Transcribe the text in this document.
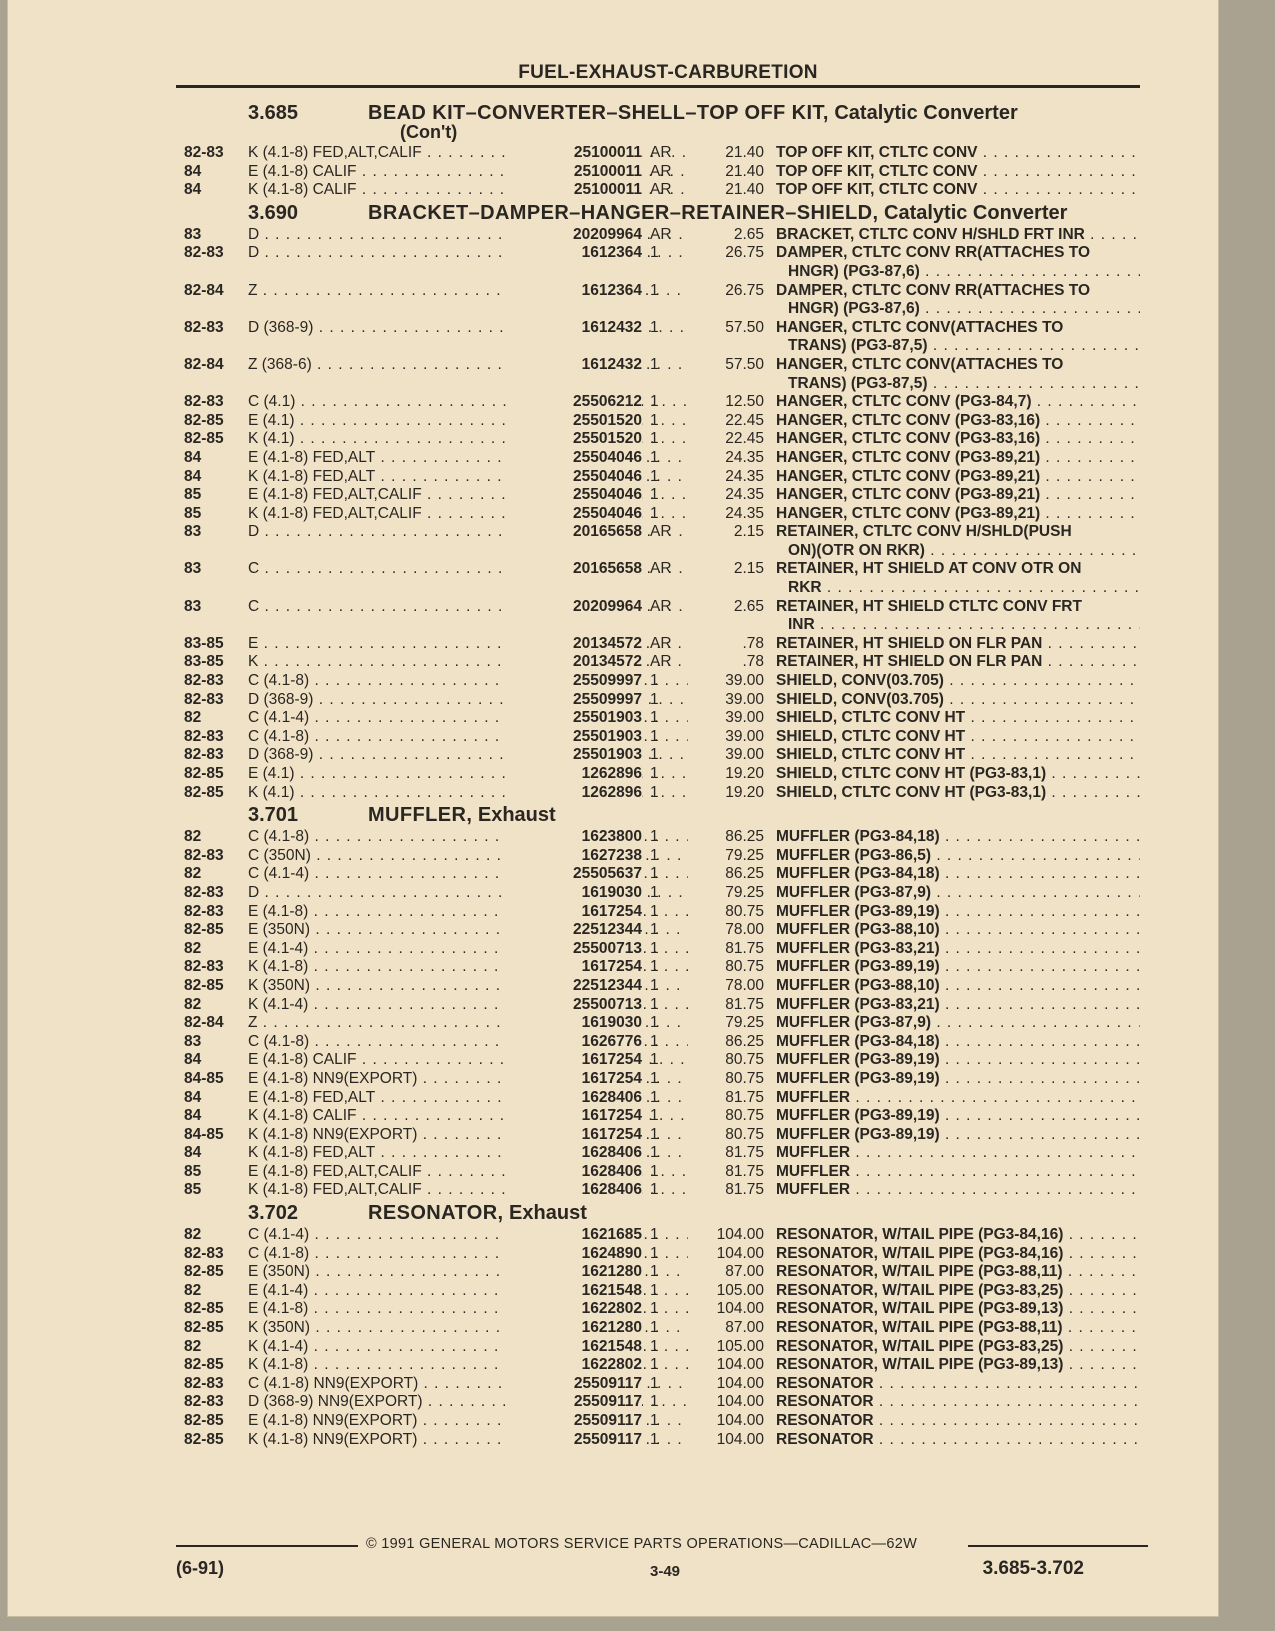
FUEL-EXHAUST-CARBURETION
3.685	BEAD KIT–CONVERTER–SHELL–TOP OFF KIT, Catalytic Converter
(Con't)
82-83	K (4.1-8) FED,ALT,CALIF . . .	25100011 AR	21.40 TOP OFF KIT, CTLTC CONV . . .
84	E (4.1-8) CALIF . . .	25100011 AR	21.40 TOP OFF KIT, CTLTC CONV . . .
84	K (4.1-8) CALIF . . .	25100011 AR	21.40 TOP OFF KIT, CTLTC CONV . . .
3.690	BRACKET–DAMPER–HANGER–RETAINER–SHIELD, Catalytic Converter
83	D . . .	20209964 AR	2.65 BRACKET, CTLTC CONV H/SHLD FRT INR . . .
82-83	D . . .	1612364 1	26.75 DAMPER, CTLTC CONV RR(ATTACHES TO
HNGR) (PG3-87,6) . . .
82-84	Z . . .	1612364 1	26.75 DAMPER, CTLTC CONV RR(ATTACHES TO
HNGR) (PG3-87,6) . . .
82-83	D (368-9) . . .	1612432 1	57.50 HANGER, CTLTC CONV(ATTACHES TO
TRANS) (PG3-87,5) . . .
82-84	Z (368-6) . . .	1612432 1	57.50 HANGER, CTLTC CONV(ATTACHES TO
TRANS) (PG3-87,5) . . .
82-83	C (4.1) . . .	25506212 1	12.50 HANGER, CTLTC CONV (PG3-84,7) . . .
82-85	E (4.1) . . .	25501520 1	22.45 HANGER, CTLTC CONV (PG3-83,16) . . .
82-85	K (4.1) . . .	25501520 1	22.45 HANGER, CTLTC CONV (PG3-83,16) . . .
84	E (4.1-8) FED,ALT . . .	25504046 1	24.35 HANGER, CTLTC CONV (PG3-89,21) . . .
84	K (4.1-8) FED,ALT . . .	25504046 1	24.35 HANGER, CTLTC CONV (PG3-89,21) . . .
85	E (4.1-8) FED,ALT,CALIF . . .	25504046 1	24.35 HANGER, CTLTC CONV (PG3-89,21) . . .
85	K (4.1-8) FED,ALT,CALIF . . .	25504046 1	24.35 HANGER, CTLTC CONV (PG3-89,21) . . .
83	D . . .	20165658 AR	2.15 RETAINER, CTLTC CONV H/SHLD(PUSH
ON)(OTR ON RKR) . . .
83	C . . .	20165658 AR	2.15 RETAINER, HT SHIELD AT CONV OTR ON
RKR . . .
83	C . . .	20209964 AR	2.65 RETAINER, HT SHIELD CTLTC CONV FRT
INR . . .
83-85	E . . .	20134572 AR	.78 RETAINER, HT SHIELD ON FLR PAN . . .
83-85	K . . .	20134572 AR	.78 RETAINER, HT SHIELD ON FLR PAN . . .
82-83	C (4.1-8) . . .	25509997 1	39.00 SHIELD, CONV(03.705) . . .
82-83	D (368-9) . . .	25509997 1	39.00 SHIELD, CONV(03.705) . . .
82	C (4.1-4) . . .	25501903 1	39.00 SHIELD, CTLTC CONV HT . . .
82-83	C (4.1-8) . . .	25501903 1	39.00 SHIELD, CTLTC CONV HT . . .
82-83	D (368-9) . . .	25501903 1	39.00 SHIELD, CTLTC CONV HT . . .
82-85	E (4.1) . . .	1262896 1	19.20 SHIELD, CTLTC CONV HT (PG3-83,1) . . .
82-85	K (4.1) . . .	1262896 1	19.20 SHIELD, CTLTC CONV HT (PG3-83,1) . . .
3.701	MUFFLER, Exhaust
82	C (4.1-8) . . .	1623800 1	86.25 MUFFLER (PG3-84,18) . . .
82-83	C (350N) . . .	1627238 1	79.25 MUFFLER (PG3-86,5) . . .
82	C (4.1-4) . . .	25505637 1	86.25 MUFFLER (PG3-84,18) . . .
82-83	D . . .	1619030 1	79.25 MUFFLER (PG3-87,9) . . .
82-83	E (4.1-8) . . .	1617254 1	80.75 MUFFLER (PG3-89,19) . . .
82-85	E (350N) . . .	22512344 1	78.00 MUFFLER (PG3-88,10) . . .
82	E (4.1-4) . . .	25500713 1	81.75 MUFFLER (PG3-83,21) . . .
82-83	K (4.1-8) . . .	1617254 1	80.75 MUFFLER (PG3-89,19) . . .
82-85	K (350N) . . .	22512344 1	78.00 MUFFLER (PG3-88,10) . . .
82	K (4.1-4) . . .	25500713 1	81.75 MUFFLER (PG3-83,21) . . .
82-84	Z . . .	1619030 1	79.25 MUFFLER (PG3-87,9) . . .
83	C (4.1-8) . . .	1626776 1	86.25 MUFFLER (PG3-84,18) . . .
84	E (4.1-8) CALIF . . .	1617254 1	80.75 MUFFLER (PG3-89,19) . . .
84-85	E (4.1-8) NN9(EXPORT) . . .	1617254 1	80.75 MUFFLER (PG3-89,19) . . .
84	E (4.1-8) FED,ALT . . .	1628406 1	81.75 MUFFLER . . .
84	K (4.1-8) CALIF . . .	1617254 1	80.75 MUFFLER (PG3-89,19) . . .
84-85	K (4.1-8) NN9(EXPORT) . . .	1617254 1	80.75 MUFFLER (PG3-89,19) . . .
84	K (4.1-8) FED,ALT . . .	1628406 1	81.75 MUFFLER . . .
85	E (4.1-8) FED,ALT,CALIF . . .	1628406 1	81.75 MUFFLER . . .
85	K (4.1-8) FED,ALT,CALIF . . .	1628406 1	81.75 MUFFLER . . .
3.702	RESONATOR, Exhaust
82	C (4.1-4) . . .	1621685 1	104.00 RESONATOR, W/TAIL PIPE (PG3-84,16) . . .
82-83	C (4.1-8) . . .	1624890 1	104.00 RESONATOR, W/TAIL PIPE (PG3-84,16) . . .
82-85	E (350N) . . .	1621280 1	87.00 RESONATOR, W/TAIL PIPE (PG3-88,11) . . .
82	E (4.1-4) . . .	1621548 1	105.00 RESONATOR, W/TAIL PIPE (PG3-83,25) . . .
82-85	E (4.1-8) . . .	1622802 1	104.00 RESONATOR, W/TAIL PIPE (PG3-89,13) . . .
82-85	K (350N) . . .	1621280 1	87.00 RESONATOR, W/TAIL PIPE (PG3-88,11) . . .
82	K (4.1-4) . . .	1621548 1	105.00 RESONATOR, W/TAIL PIPE (PG3-83,25) . . .
82-85	K (4.1-8) . . .	1622802 1	104.00 RESONATOR, W/TAIL PIPE (PG3-89,13) . . .
82-83	C (4.1-8) NN9(EXPORT) . . .	25509117 1	104.00 RESONATOR . . .
82-83	D (368-9) NN9(EXPORT) . . .	25509117 1	104.00 RESONATOR . . .
82-85	E (4.1-8) NN9(EXPORT) . . .	25509117 1	104.00 RESONATOR . . .
82-85	K (4.1-8) NN9(EXPORT) . . .	25509117 1	104.00 RESONATOR . . .
© 1991 GENERAL MOTORS SERVICE PARTS OPERATIONS—CADILLAC—62W
(6-91)	3-49	3.685-3.702
